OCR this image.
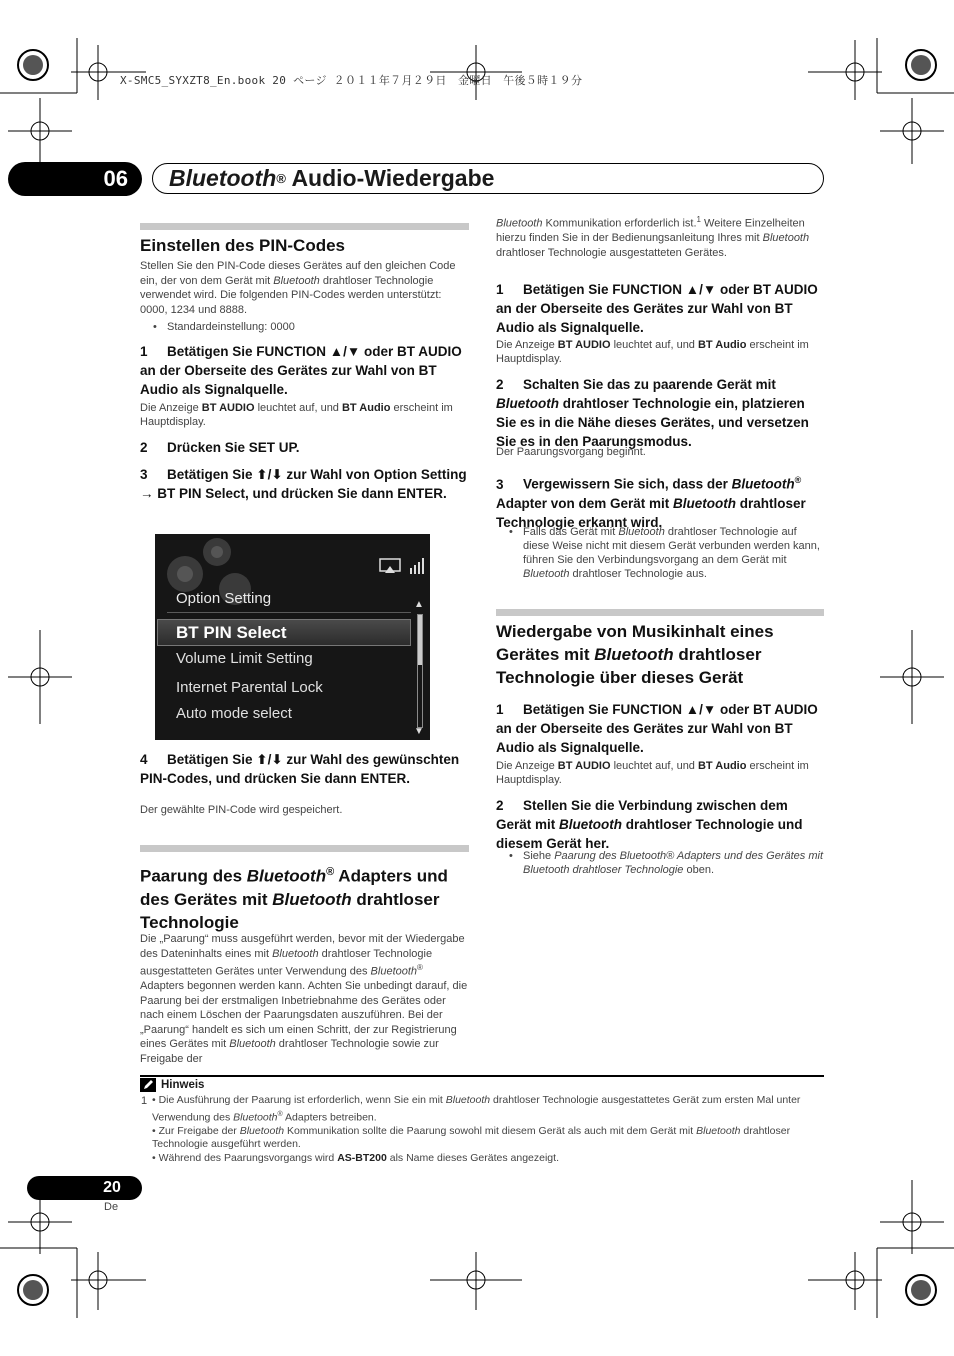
X-SMC5_SYXZT8_En.book 20 ページ ２０１１年７月２９日　金曜日　午後５時１９分
06	Bluetooth ® Audio-Wiedergabe
Einstellen des PIN-Codes
Stellen Sie den PIN-Code dieses Gerätes auf den gleichen Code ein, der von dem Gerät mit Bluetooth drahtloser Technologie verwendet wird. Die folgenden PIN-Codes werden unterstützt: 0000, 1234 und 8888.
• Standardeinstellung: 0000
1 Betätigen Sie FUNCTION ▲/▼ oder BT AUDIO an der Oberseite des Gerätes zur Wahl von BT Audio als Signalquelle.
Die Anzeige BT AUDIO leuchtet auf, und BT Audio erscheint im Hauptdisplay.
2 Drücken Sie SET UP.
3 Betätigen Sie ⬆/⬇ zur Wahl von Option Setting → BT PIN Select, und drücken Sie dann ENTER.
Option Setting
BT PIN Select
Volume Limit Setting
Internet Parental Lock
Auto mode select
▲
▼
4 Betätigen Sie ⬆/⬇ zur Wahl des gewünschten PIN-Codes, und drücken Sie dann ENTER.
Der gewählte PIN-Code wird gespeichert.
Paarung des Bluetooth® Adapters und des Gerätes mit Bluetooth drahtloser Technologie
Die „Paarung“ muss ausgeführt werden, bevor mit der Wiedergabe des Dateninhalts eines mit Bluetooth drahtloser Technologie ausgestatteten Gerätes unter Verwendung des Bluetooth® Adapters begonnen werden kann. Achten Sie unbedingt darauf, die Paarung bei der erstmaligen Inbetriebnahme des Gerätes oder nach einem Löschen der Paarungsdaten auszuführen. Bei der „Paarung“ handelt es sich um einen Schritt, der zur Registrierung eines Gerätes mit Bluetooth drahtloser Technologie sowie zur Freigabe der
Bluetooth Kommunikation erforderlich ist.$^1$ Weitere Einzelheiten hierzu finden Sie in der Bedienungsanleitung Ihres mit Bluetooth drahtloser Technologie ausgestatteten Gerätes.
1 Betätigen Sie FUNCTION ▲/▼ oder BT AUDIO an der Oberseite des Gerätes zur Wahl von BT Audio als Signalquelle.
Die Anzeige BT AUDIO leuchtet auf, und BT Audio erscheint im Hauptdisplay.
2 Schalten Sie das zu paarende Gerät mit Bluetooth drahtloser Technologie ein, platzieren Sie es in die Nähe dieses Gerätes, und versetzen Sie es in den Paarungsmodus.
Der Paarungsvorgang beginnt.
3 Vergewissern Sie sich, dass der Bluetooth® Adapter von dem Gerät mit Bluetooth drahtloser Technologie erkannt wird.
• Falls das Gerät mit Bluetooth drahtloser Technologie auf diese Weise nicht mit diesem Gerät verbunden werden kann, führen Sie den Verbindungsvorgang an dem Gerät mit Bluetooth drahtloser Technologie aus.
Wiedergabe von Musikinhalt eines Gerätes mit Bluetooth drahtloser Technologie über dieses Gerät
1 Betätigen Sie FUNCTION ▲/▼ oder BT AUDIO an der Oberseite des Gerätes zur Wahl von BT Audio als Signalquelle.
Die Anzeige BT AUDIO leuchtet auf, und BT Audio erscheint im Hauptdisplay.
2 Stellen Sie die Verbindung zwischen dem Gerät mit Bluetooth drahtloser Technologie und diesem Gerät her.
• Siehe Paarung des Bluetooth® Adapters und des Gerätes mit Bluetooth drahtloser Technologie oben.
Hinweis
1 • Die Ausführung der Paarung ist erforderlich, wenn Sie ein mit Bluetooth drahtloser Technologie ausgestattetes Gerät zum ersten Mal unter Verwendung des Bluetooth® Adapters betreiben.
• Zur Freigabe der Bluetooth Kommunikation sollte die Paarung sowohl mit diesem Gerät als auch mit dem Gerät mit Bluetooth drahtloser Technologie ausgeführt werden.
• Während des Paarungsvorgangs wird AS-BT200 als Name dieses Gerätes angezeigt.
20
De
